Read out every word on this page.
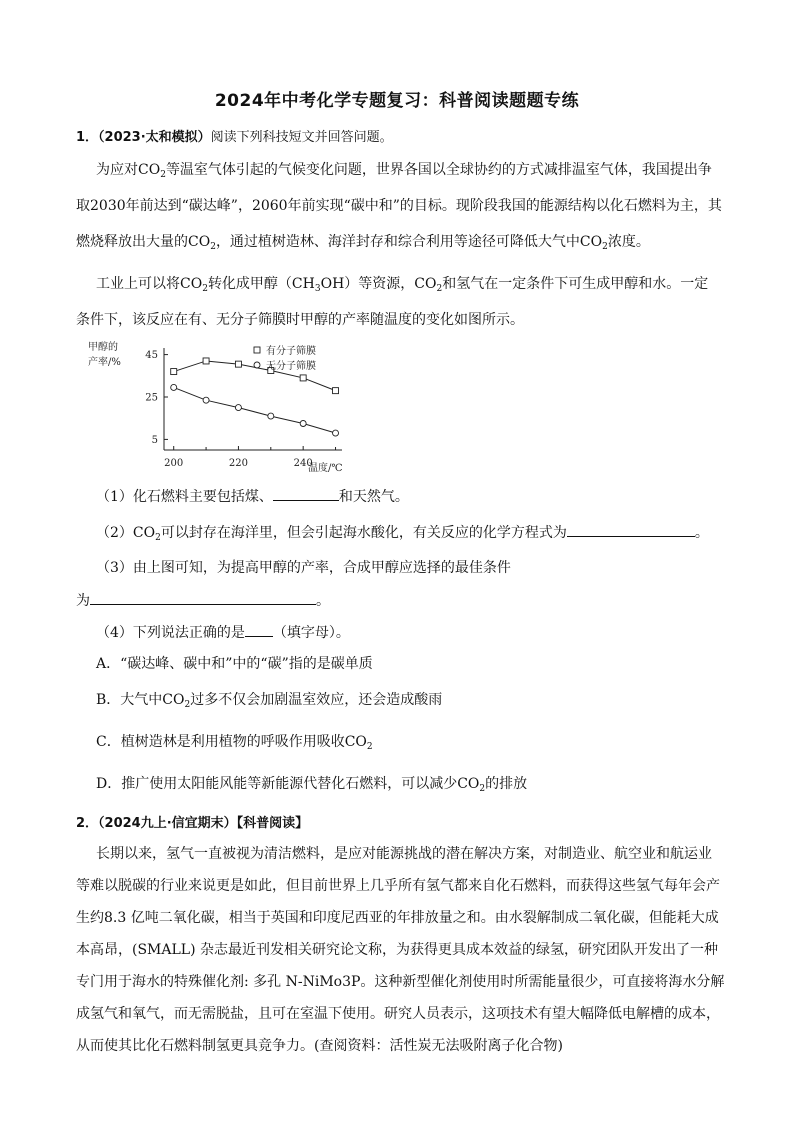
2024年中考化学专题复习：科普阅读题题专练
1．（2023·太和模拟）阅读下列科技短文并回答问题。
为应对$CO_2$等温室气体引起的气候变化问题，世界各国以全球协约的方式减排温室气体，我国提出争
取2030年前达到“碳达峰”，2060年前实现“碳中和”的目标。现阶段我国的能源结构以化石燃料为主，其
燃烧释放出大量的$CO_2$，通过植树造林、海洋封存和综合利用等途径可降低大气中$CO_2$浓度。
工业上可以将$CO_2$转化成甲醇$(CH_3OH)$等资源，$CO_2$和氢气在一定条件下可生成甲醇和水。一定
条件下，该反应在有、无分子筛膜时甲醇的产率随温度的变化如图所示。
甲醇的
产率/%
45
25
5
200	220	240
温度/℃
有分子筛膜
无分子筛膜
（1）化石燃料主要包括煤、	和天然气。
$(2)CO_2$可以封存在海洋里，但会引起海水酸化，有关反应的化学方程式为	。
（3）由上图可知，为提高甲醇的产率，合成甲醇应选择的最佳条件
为	。
（4）下列说法正确的是 （填字母）。
A．“碳达峰、碳中和”中的“碳”指的是碳单质
B．大气中$CO_2$过多不仅会加剧温室效应，还会造成酸雨
C．植树造林是利用植物的呼吸作用吸收$CO_2$
D．推广使用太阳能风能等新能源代替化石燃料，可以减少$CO_2$的排放
2．（2024九上·信宜期末）【科普阅读】
长期以来，氢气一直被视为清洁燃料，是应对能源挑战的潜在解决方案，对制造业、航空业和航运业
等难以脱碳的行业来说更是如此，但目前世界上几乎所有氢气都来自化石燃料，而获得这些氢气每年会产
生约8.3 亿吨二氧化碳，相当于英国和印度尼西亚的年排放量之和。由水裂解制成二氧化碳，但能耗大成
本高昂，(SMALL) 杂志最近刊发相关研究论文称，为获得更具成本效益的绿氢，研究团队开发出了一种
专门用于海水的特殊催化剂: 多孔 N-NiMo3P。这种新型催化剂使用时所需能量很少，可直接将海水分解
成氢气和氧气，而无需脱盐，且可在室温下使用。研究人员表示，这项技术有望大幅降低电解槽的成本，
从而使其比化石燃料制氢更具竞争力。(查阅资料：活性炭无法吸附离子化合物)
